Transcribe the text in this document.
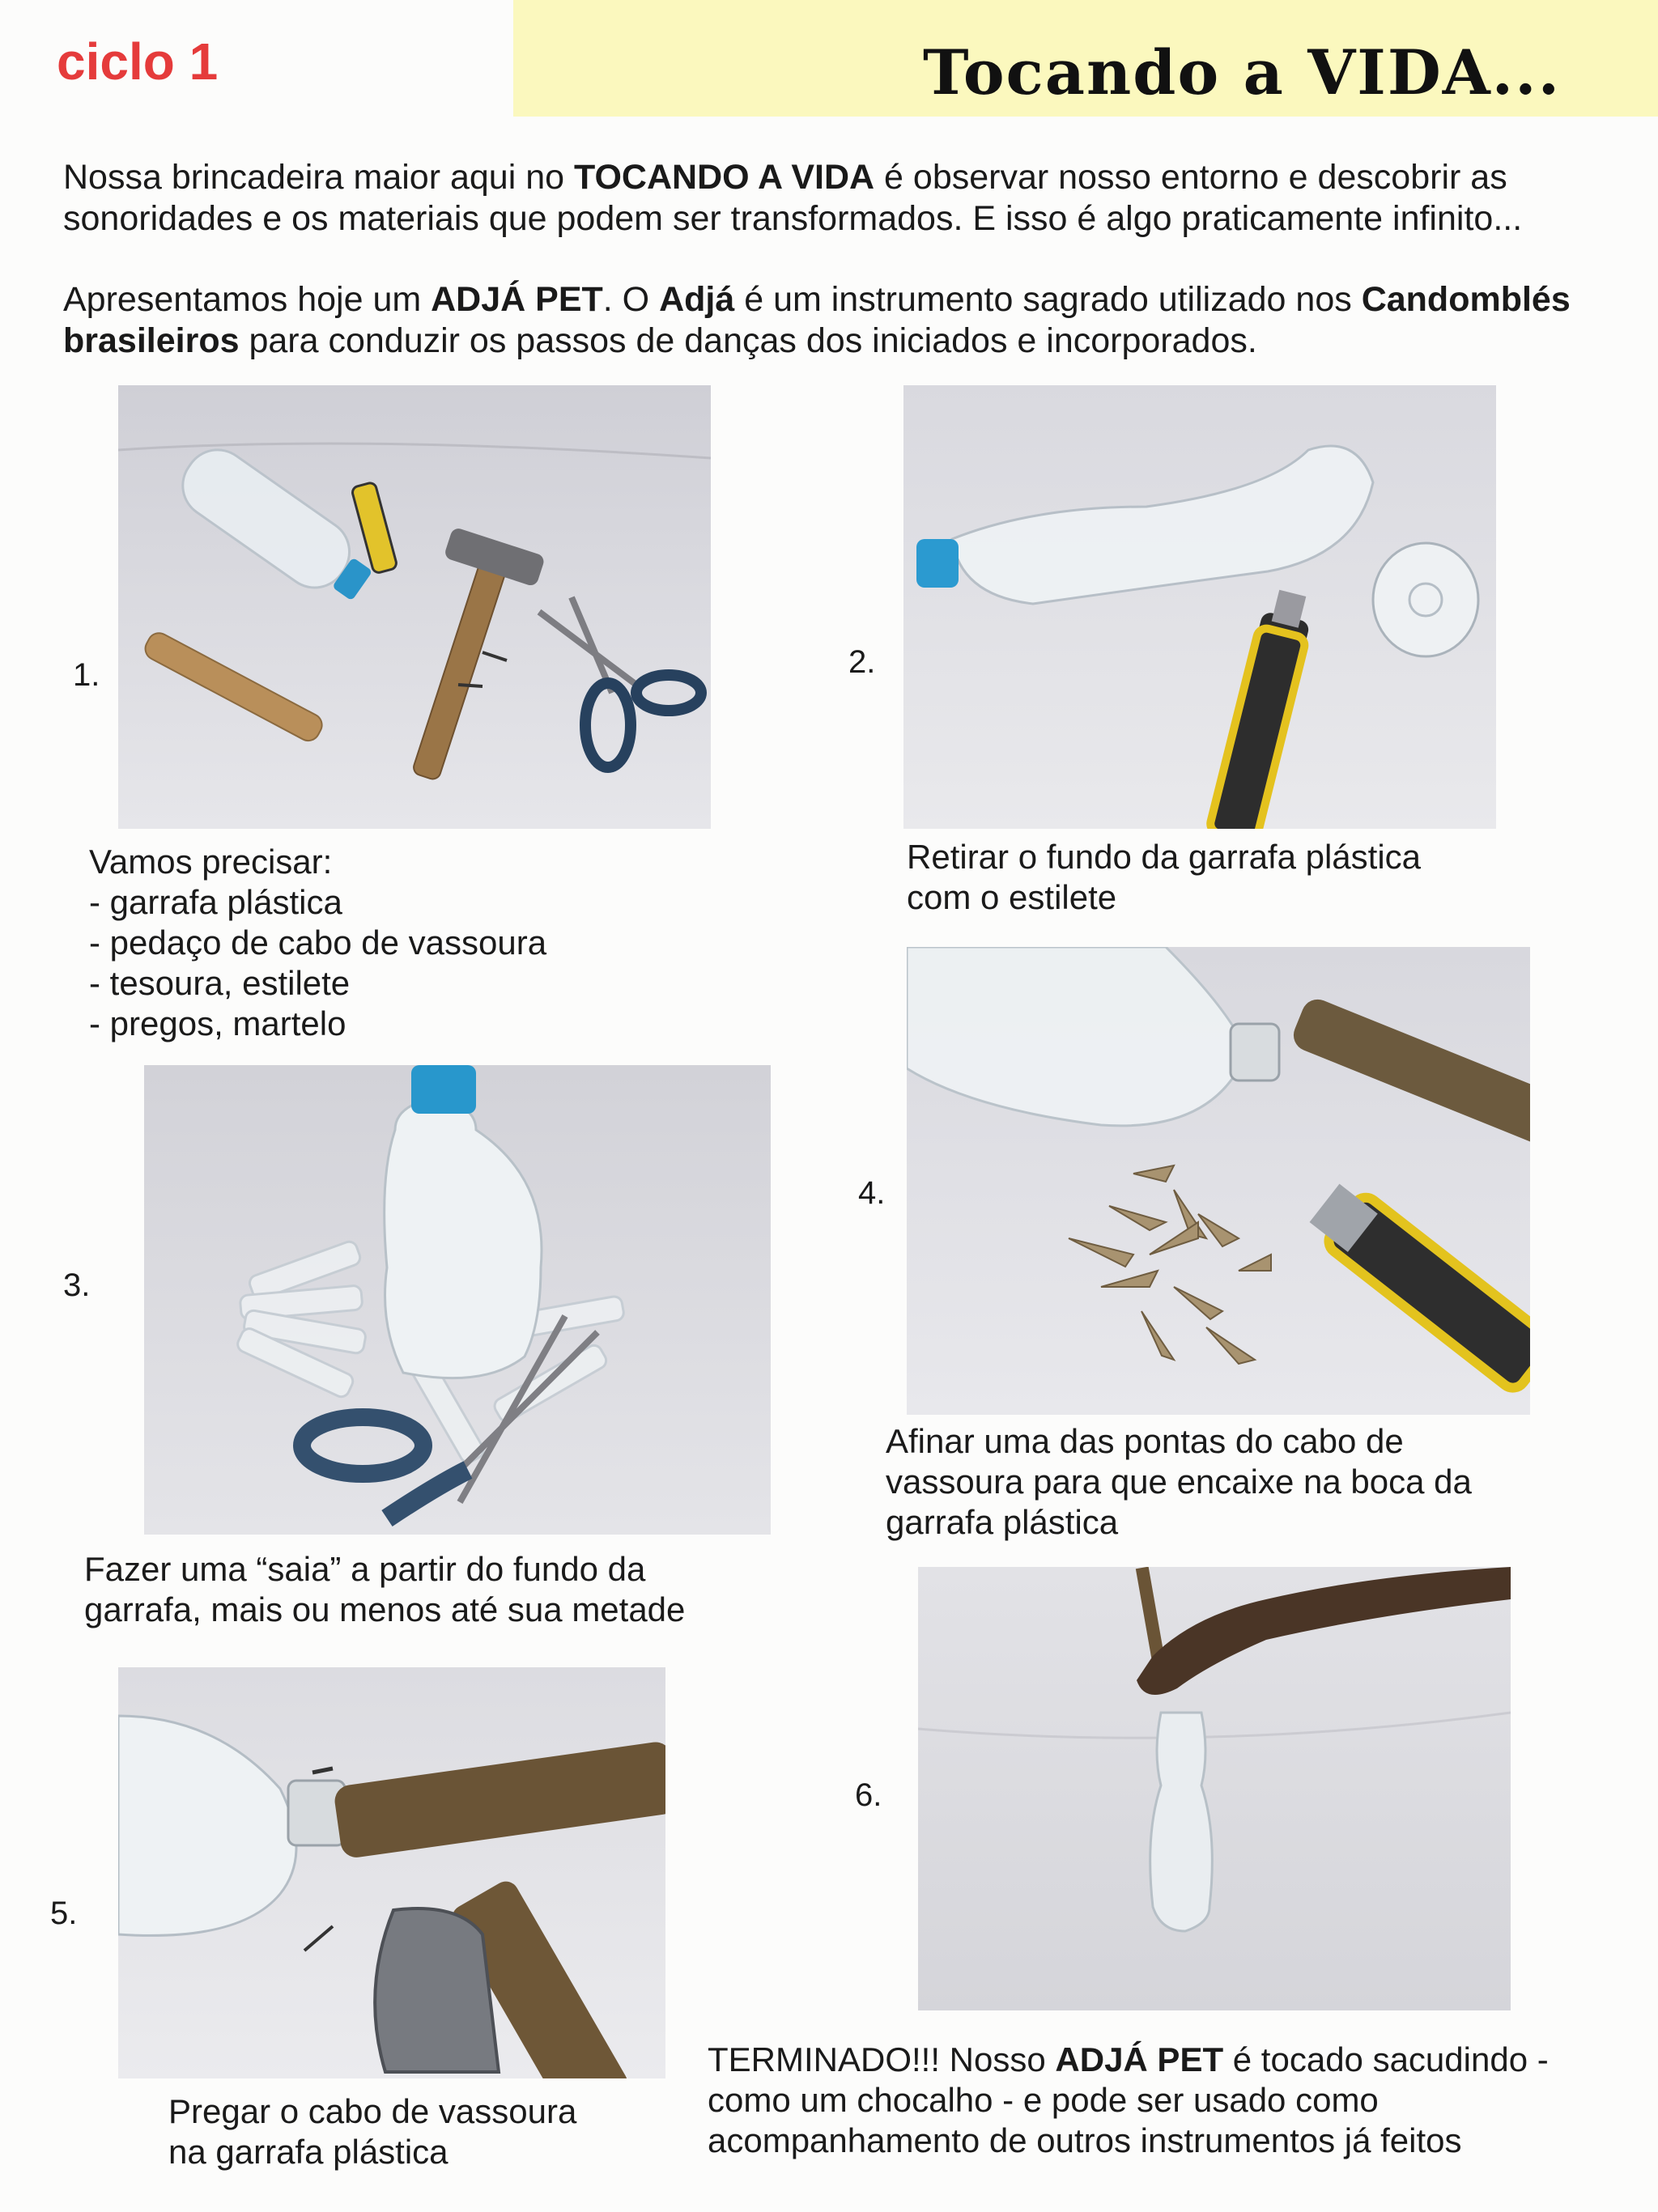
ciclo 1	Tocando a VIDA...
Nossa brincadeira maior aqui no TOCANDO A VIDA é observar nosso entorno e descobrir as sonoridades e os materiais que podem ser transformados. E isso é algo praticamente infinito...
Apresentamos hoje um ADJÁ PET. O Adjá é um instrumento sagrado utilizado nos Candomblés brasileiros para conduzir os passos de danças dos iniciados e incorporados.
1.
Vamos precisar:
- garrafa plástica
- pedaço de cabo de vassoura
- tesoura, estilete
- pregos, martelo
2.
Retirar o fundo da garrafa plástica
com o estilete
3.
Fazer uma “saia” a partir do fundo da
garrafa, mais ou menos até sua metade
4.
Afinar uma das pontas do cabo de
vassoura para que encaixe na boca da
garrafa plástica
5.
Pregar o cabo de vassoura
na garrafa plástica
6.
TERMINADO!!! Nosso ADJÁ PET é tocado sacudindo -
como um chocalho - e pode ser usado como
acompanhamento de outros instrumentos já feitos
